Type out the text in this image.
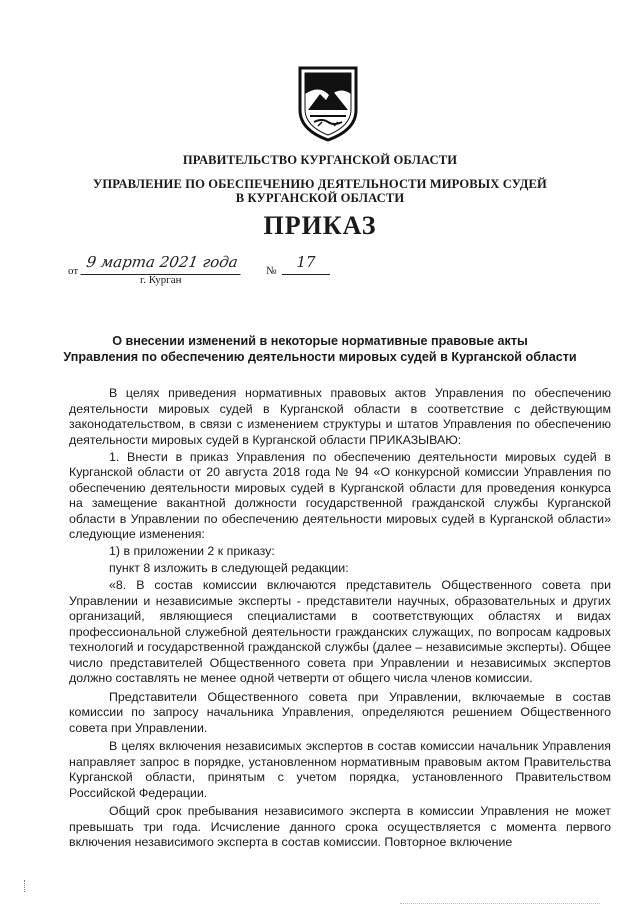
ПРАВИТЕЛЬСТВО КУРГАНСКОЙ ОБЛАСТИ
УПРАВЛЕНИЕ ПО ОБЕСПЕЧЕНИЮ ДЕЯТЕЛЬНОСТИ МИРОВЫХ СУДЕЙ
В КУРГАНСКОЙ ОБЛАСТИ
ПРИКАЗ
от 9 марта 2021 года	№	17
г. Курган
О внесении изменений в некоторые нормативные правовые акты
Управления по обеспечению деятельности мировых судей в Курганской области

В целях приведения нормативных правовых актов Управления по обеспечению деятельности мировых судей в Курганской области в соответствие с действующим законодательством, в связи с изменением структуры и штатов Управления по обеспечению деятельности мировых судей в Курганской области ПРИКАЗЫВАЮ:

1. Внести в приказ Управления по обеспечению деятельности мировых судей в Курганской области от 20 августа 2018 года № 94 «О конкурсной комиссии Управления по обеспечению деятельности мировых судей в Курганской области для проведения конкурса на замещение вакантной должности государственной гражданской службы Курганской области в Управлении по обеспечению деятельности мировых судей в Курганской области» следующие изменения:

1) в приложении 2 к приказу:

пункт 8 изложить в следующей редакции:

«8. В состав комиссии включаются представитель Общественного совета при Управлении и независимые эксперты - представители научных, образовательных и других организаций, являющиеся специалистами в соответствующих областях и видах профессиональной служебной деятельности гражданских служащих, по вопросам кадровых технологий и государственной гражданской службы (далее – независимые эксперты). Общее число представителей Общественного совета при Управлении и независимых экспертов должно составлять не менее одной четверти от общего числа членов комиссии.

Представители Общественного совета при Управлении, включаемые в состав комиссии по запросу начальника Управления, определяются решением Общественного совета при Управлении.

В целях включения независимых экспертов в состав комиссии начальник Управления направляет запрос в порядке, установленном нормативным правовым актом Правительства Курганской области, принятым с учетом порядка, установленного Правительством Российской Федерации.

Общий срок пребывания независимого эксперта в комиссии Управления не может превышать три года. Исчисление данного срока осуществляется с момента первого включения независимого эксперта в состав комиссии. Повторное включение
